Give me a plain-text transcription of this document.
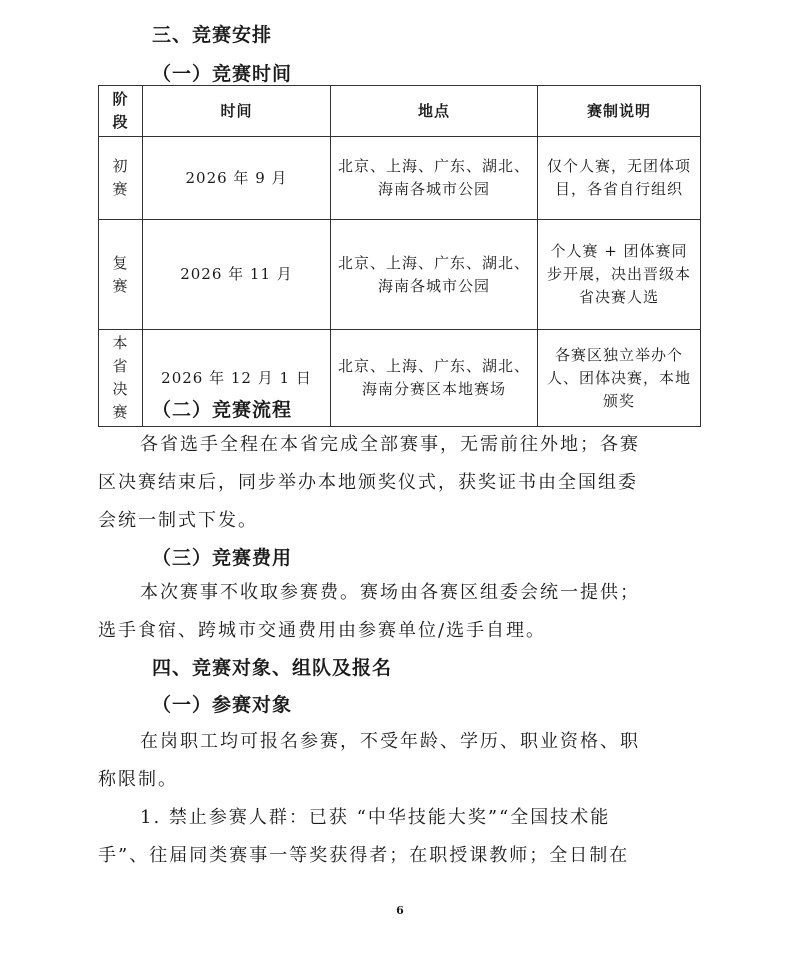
三、竞赛安排
（一）竞赛时间
阶段	时间	地点	赛制说明
初赛	2026 年 9 月	北京、上海、广东、湖北、海南各城市公园	仅个人赛，无团体项目，各省自行组织
复赛	2026 年 11 月	北京、上海、广东、湖北、海南各城市公园	个人赛 + 团体赛同步开展，决出晋级本省决赛人选
本省决赛	2026 年 12 月 1 日	北京、上海、广东、湖北、海南分赛区本地赛场	各赛区独立举办个人、团体决赛，本地颁奖
（二）竞赛流程
各省选手全程在本省完成全部赛事，无需前往外地；各赛
区决赛结束后，同步举办本地颁奖仪式，获奖证书由全国组委
会统一制式下发。
（三）竞赛费用
本次赛事不收取参赛费。赛场由各赛区组委会统一提供；
选手食宿、跨城市交通费用由参赛单位/选手自理。
四、竞赛对象、组队及报名
（一）参赛对象
在岗职工均可报名参赛，不受年龄、学历、职业资格、职
称限制。
1. 禁止参赛人群：已获 “中华技能大奖”“全国技术能
手”、往届同类赛事一等奖获得者；在职授课教师；全日制在
6
